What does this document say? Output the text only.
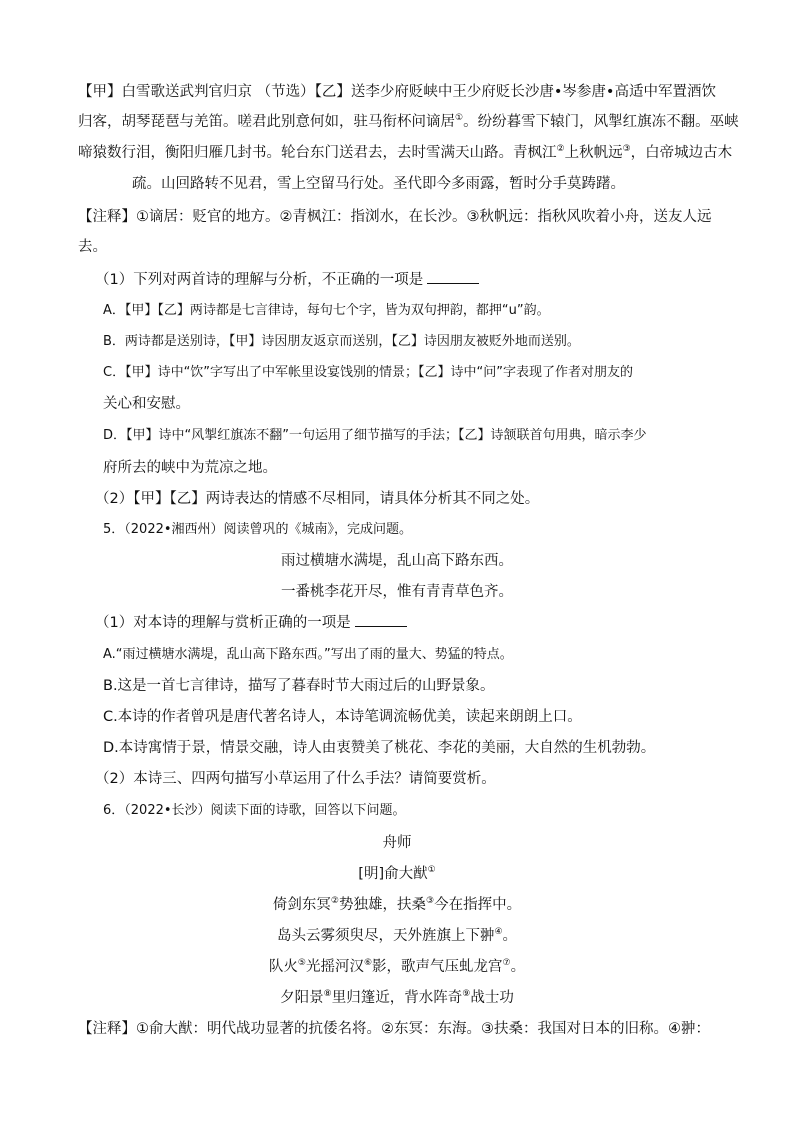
【甲】白雪歌送武判官归京 （节选）【乙】送李少府贬峡中王少府贬长沙唐•岑参唐•高适中军置酒饮
归客，胡琴琵琶与羌笛。嗟君此别意何如，驻马衔杯问谪居①。纷纷暮雪下辕门，风掣红旗冻不翻。巫峡
啼猿数行泪，衡阳归雁几封书。轮台东门送君去，去时雪满天山路。青枫江②上秋帆远③，白帝城边古木
疏。山回路转不见君，雪上空留马行处。圣代即今多雨露，暂时分手莫踌躇。
【注释】①谪居：贬官的地方。②青枫江：指浏水，在长沙。③秋帆远：指秋风吹着小舟，送友人远
去。
（1）下列对两首诗的理解与分析，不正确的一项是
A．【甲】【乙】两诗都是七言律诗，每句七个字，皆为双句押韵，都押“u”韵。
B．两诗都是送别诗，【甲】诗因朋友返京而送别，【乙】诗因朋友被贬外地而送别。
C．【甲】诗中“饮”字写出了中军帐里设宴饯别的情景；【乙】诗中“问”字表现了作者对朋友的
关心和安慰。
D．【甲】诗中“风掣红旗冻不翻”一句运用了细节描写的手法；【乙】诗颔联首句用典，暗示李少
府所去的峡中为荒凉之地。
（2）【甲】【乙】两诗表达的情感不尽相同，请具体分析其不同之处。
5．（2022•湘西州）阅读曾巩的《城南》，完成问题。
雨过横塘水满堤，乱山高下路东西。
一番桃李花开尽，惟有青青草色齐。
（1）对本诗的理解与赏析正确的一项是
A.“雨过横塘水满堤，乱山高下路东西。”写出了雨的量大、势猛的特点。
B.这是一首七言律诗，描写了暮春时节大雨过后的山野景象。
C.本诗的作者曾巩是唐代著名诗人，本诗笔调流畅优美，读起来朗朗上口。
D.本诗寓情于景，情景交融，诗人由衷赞美了桃花、李花的美丽，大自然的生机勃勃。
（2）本诗三、四两句描写小草运用了什么手法？请简要赏析。
6．（2022•长沙）阅读下面的诗歌，回答以下问题。
舟师
[明]俞大猷①
倚剑东冥②势独雄，扶桑③今在指挥中。
岛头云雾须臾尽，天外旌旗上下翀④。
队火⑤光摇河汉⑥影，歌声气压虬龙宫⑦。
夕阳景⑧里归篷近，背水阵奇⑨战士功
【注释】①俞大猷：明代战功显著的抗倭名将。②东冥：东海。③扶桑：我国对日本的旧称。④翀：
